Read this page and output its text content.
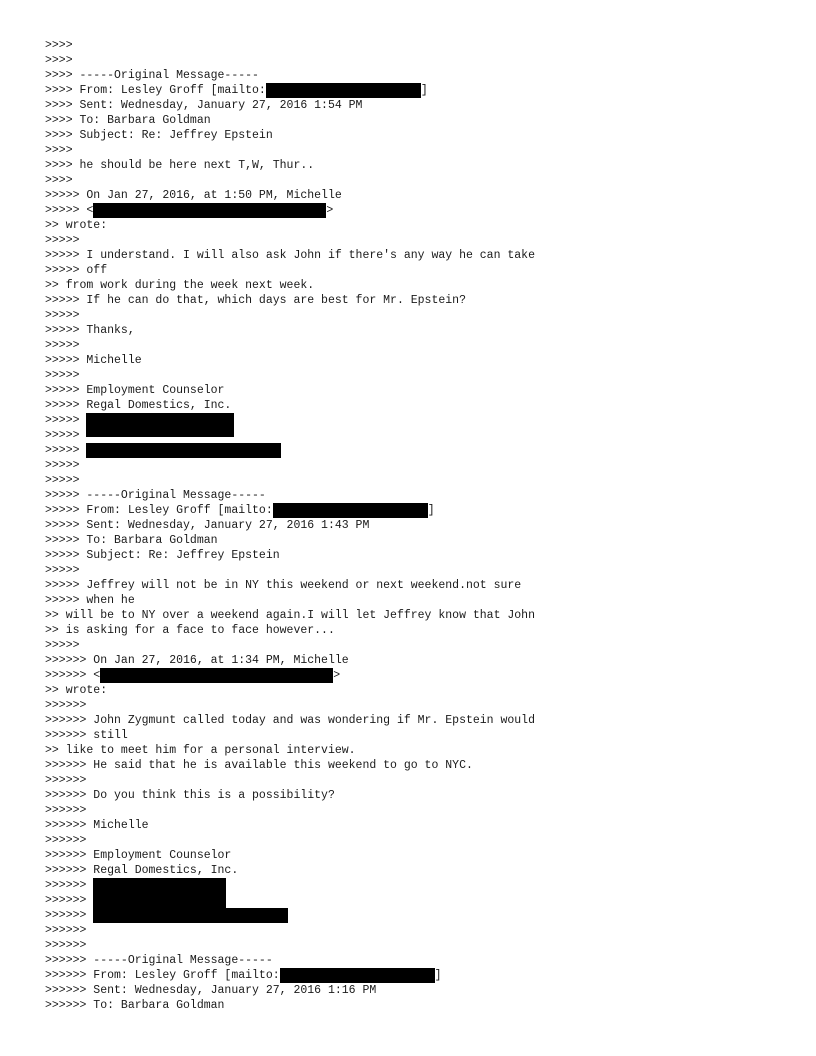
>>>>
>>>>
>>>> -----Original Message-----
>>>> From: Lesley Groff [mailto:	]
>>>> Sent: Wednesday, January 27, 2016 1:54 PM
>>>> To: Barbara Goldman
>>>> Subject: Re: Jeffrey Epstein
>>>>
>>>> he should be here next T,W, Thur..
>>>>
>>>>> On Jan 27, 2016, at 1:50 PM, Michelle
>>>>> <	>
>> wrote:
>>>>>
>>>>> I understand. I will also ask John if there's any way he can take
>>>>> off
>> from work during the week next week.
>>>>> If he can do that, which days are best for Mr. Epstein?
>>>>>
>>>>> Thanks,
>>>>>
>>>>> Michelle
>>>>>
>>>>> Employment Counselor
>>>>> Regal Domestics, Inc.
>>>>>
>>>>>
>>>>>
>>>>>
>>>>>
>>>>> -----Original Message-----
>>>>> From: Lesley Groff [mailto:	]
>>>>> Sent: Wednesday, January 27, 2016 1:43 PM
>>>>> To: Barbara Goldman
>>>>> Subject: Re: Jeffrey Epstein
>>>>>
>>>>> Jeffrey will not be in NY this weekend or next weekend.not sure
>>>>> when he
>> will be to NY over a weekend again.I will let Jeffrey know that John
>> is asking for a face to face however...
>>>>>
>>>>>> On Jan 27, 2016, at 1:34 PM, Michelle
>>>>>> <	>
>> wrote:
>>>>>>
>>>>>> John Zygmunt called today and was wondering if Mr. Epstein would
>>>>>> still
>> like to meet him for a personal interview.
>>>>>> He said that he is available this weekend to go to NYC.
>>>>>>
>>>>>> Do you think this is a possibility?
>>>>>>
>>>>>> Michelle
>>>>>>
>>>>>> Employment Counselor
>>>>>> Regal Domestics, Inc.
>>>>>>
>>>>>>
>>>>>>
>>>>>>
>>>>>>
>>>>>> -----Original Message-----
>>>>>> From: Lesley Groff [mailto:	]
>>>>>> Sent: Wednesday, January 27, 2016 1:16 PM
>>>>>> To: Barbara Goldman
